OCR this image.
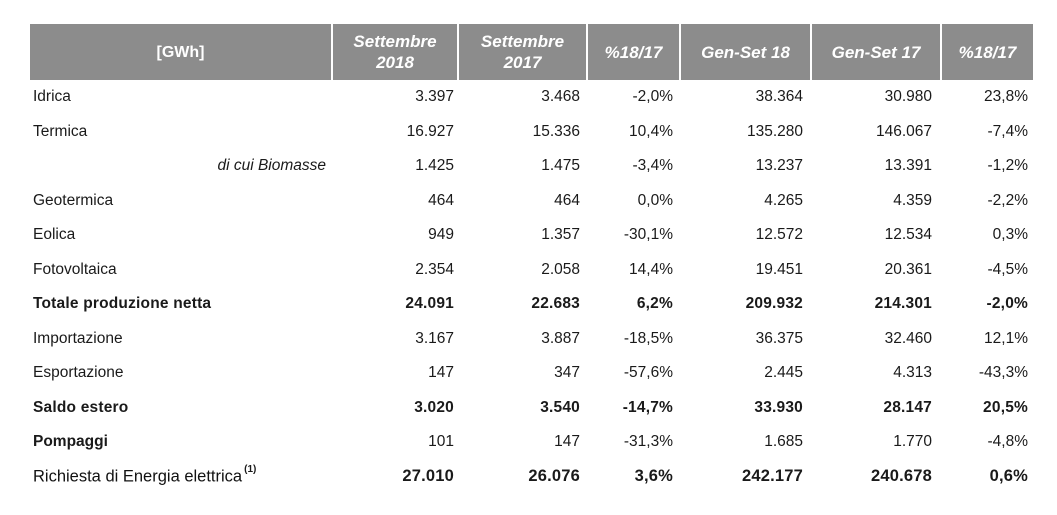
[GWh]	Settembre 2018	Settembre 2017	%18/17	Gen-Set 18	Gen-Set 17	%18/17
Idrica	3.397	3.468	-2,0%	38.364	30.980	23,8%
Termica	16.927	15.336	10,4%	135.280	146.067	-7,4%
di cui Biomasse	1.425	1.475	-3,4%	13.237	13.391	-1,2%
Geotermica	464	464	0,0%	4.265	4.359	-2,2%
Eolica	949	1.357	-30,1%	12.572	12.534	0,3%
Fotovoltaica	2.354	2.058	14,4%	19.451	20.361	-4,5%
Totale produzione netta	24.091	22.683	6,2%	209.932	214.301	-2,0%
Importazione	3.167	3.887	-18,5%	36.375	32.460	12,1%
Esportazione	147	347	-57,6%	2.445	4.313	-43,3%
Saldo estero	3.020	3.540	-14,7%	33.930	28.147	20,5%
Pompaggi	101	147	-31,3%	1.685	1.770	-4,8%
Richiesta di Energia elettrica $^{(1)}$	27.010	26.076	3,6%	242.177	240.678	0,6%
